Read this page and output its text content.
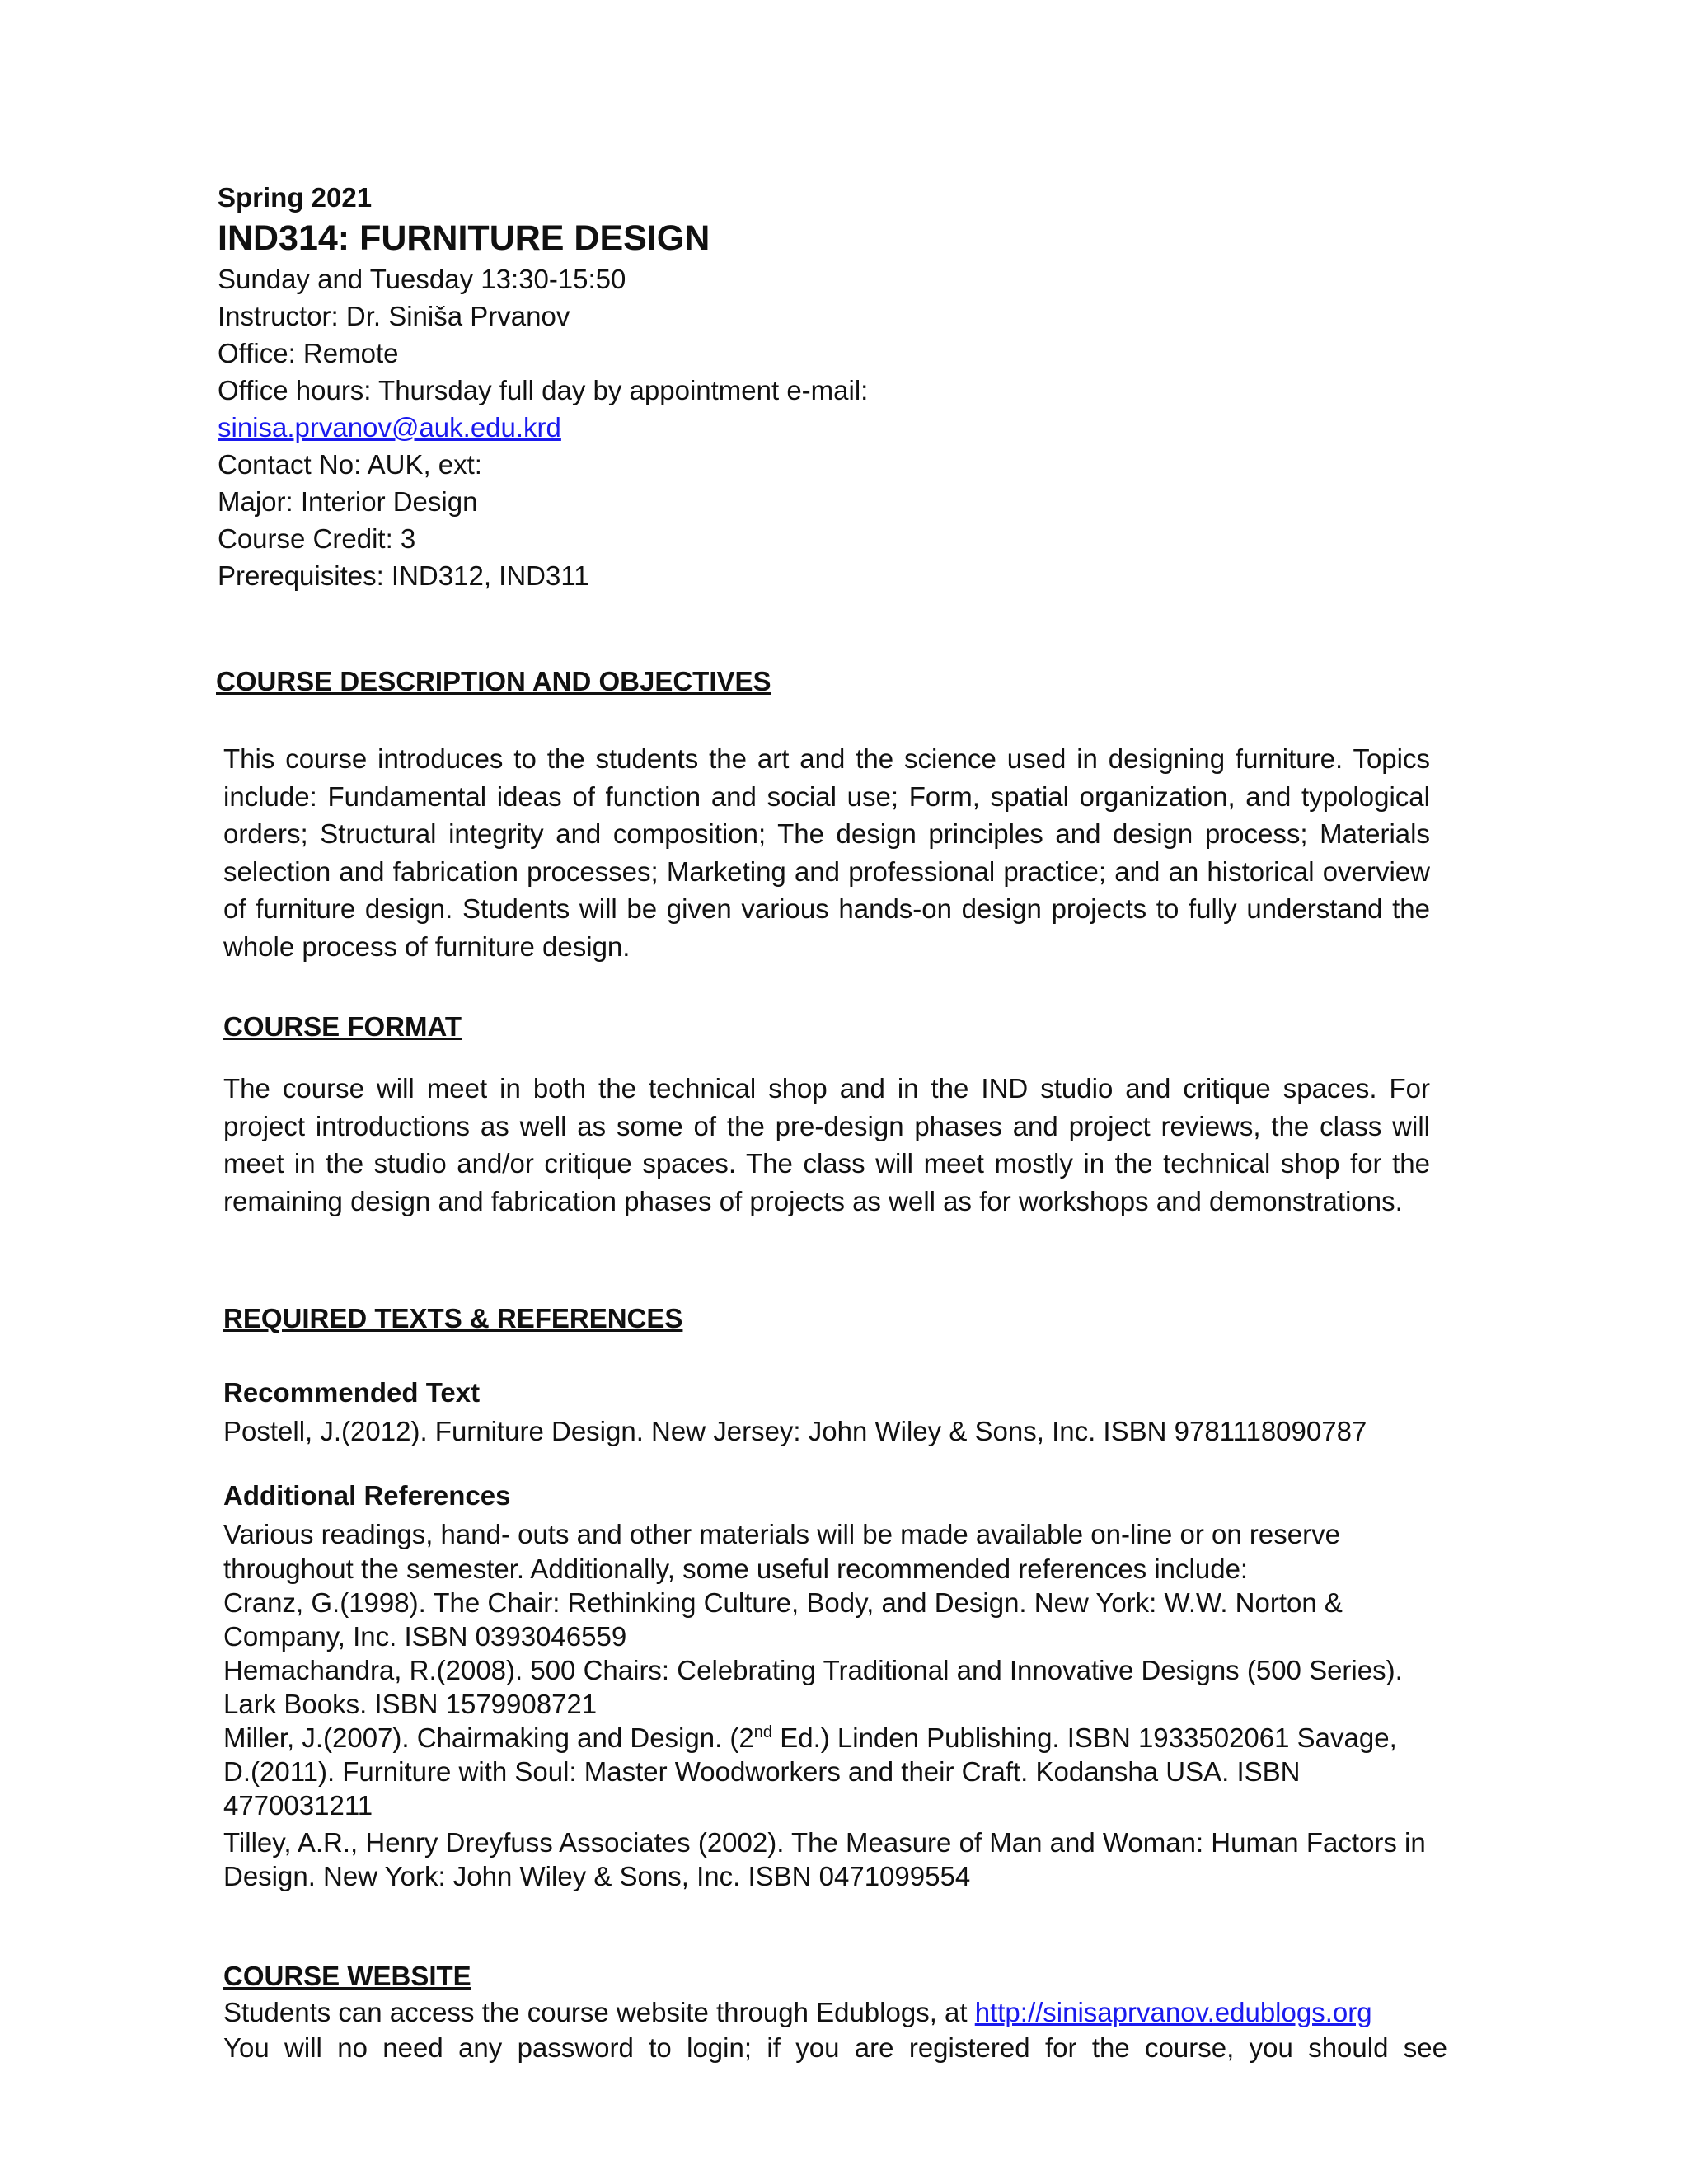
Spring 2021

IND314: FURNITURE DESIGN

Sunday and Tuesday 13:30-15:50

Instructor: Dr. Siniša Prvanov

Office: Remote

Office hours: Thursday full day by appointment e-mail:

sinisa.prvanov@auk.edu.krd

Contact No: AUK, ext:

Major: Interior Design

Course Credit: 3

Prerequisites: IND312, IND311

COURSE DESCRIPTION AND OBJECTIVES

This course introduces to the students the art and the science used in designing furniture. Topics include: Fundamental ideas of function and social use; Form, spatial organization, and typological orders; Structural integrity and composition; The design principles and design process; Materials selection and fabrication processes; Marketing and professional practice; and an historical overview of furniture design. Students will be given various hands-on design projects to fully understand the whole process of furniture design.

COURSE FORMAT

The course will meet in both the technical shop and in the IND studio and critique spaces. For project introductions as well as some of the pre-design phases and project reviews, the class will meet in the studio and/or critique spaces. The class will meet mostly in the technical shop for the remaining design and fabrication phases of projects as well as for workshops and demonstrations.

REQUIRED TEXTS & REFERENCES

Recommended Text

Postell, J.(2012). Furniture Design. New Jersey: John Wiley & Sons, Inc. ISBN 9781118090787

Additional References

Various readings, hand- outs and other materials will be made available on-line or on reserve

throughout the semester. Additionally, some useful recommended references include:

Cranz, G.(1998). The Chair: Rethinking Culture, Body, and Design. New York: W.W. Norton &

Company, Inc. ISBN 0393046559

Hemachandra, R.(2008). 500 Chairs: Celebrating Traditional and Innovative Designs (500 Series).

Lark Books. ISBN 1579908721

Miller, J.(2007). Chairmaking and Design. (2nd Ed.) Linden Publishing. ISBN 1933502061 Savage,

D.(2011). Furniture with Soul: Master Woodworkers and their Craft. Kodansha USA. ISBN

4770031211

Tilley, A.R., Henry Dreyfuss Associates (2002). The Measure of Man and Woman: Human Factors in

Design. New York: John Wiley & Sons, Inc. ISBN 0471099554

COURSE WEBSITE

Students can access the course website through Edublogs, at http://sinisaprvanov.edublogs.org

You will no need any password to login; if you are registered for the course, you should see
